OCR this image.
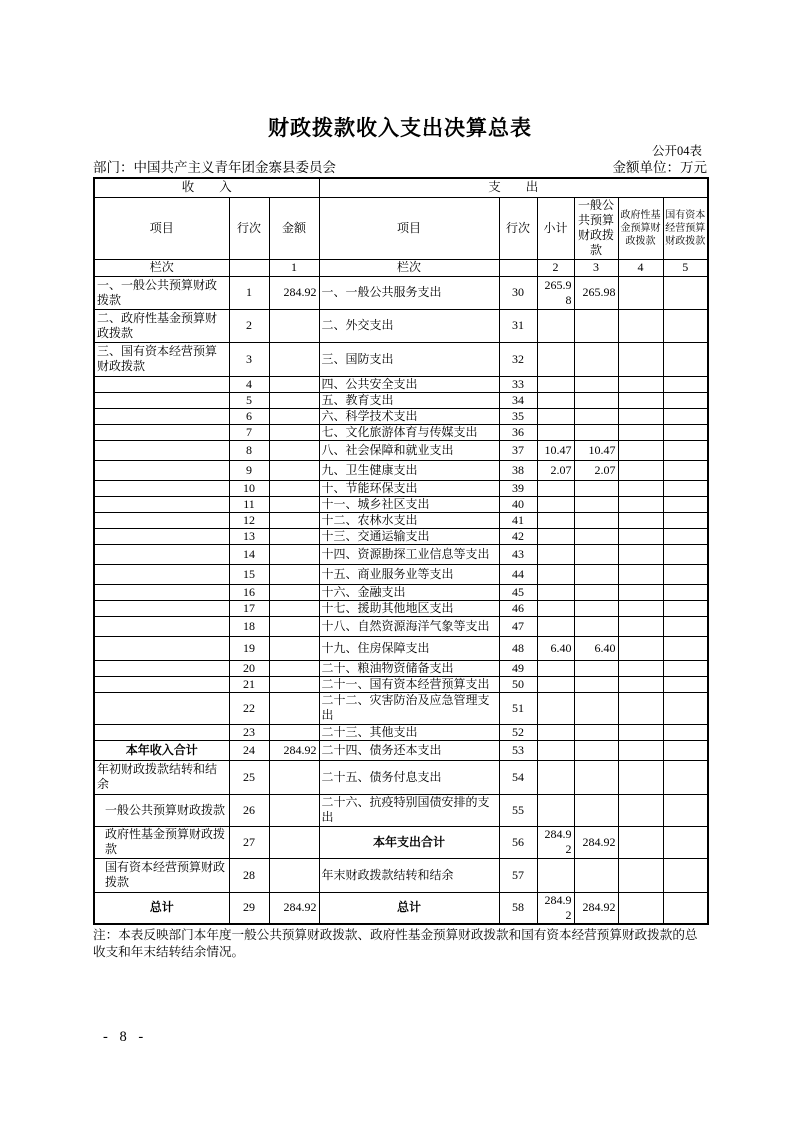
财政拨款收入支出决算总表
公开04表
部门：中国共产主义青年团金寨县委员会	金额单位：万元
收　　入			支　　出					
项目	行次	金额	项目	行次	小计	一般公共预算财政拨款	政府性基金预算财政拨款	国有资本经营预算财政拨款
栏次		1	栏次		2	3	4	5
一、一般公共预算财政拨款	1	284.92	一、一般公共服务支出	30	265.98	265.98		
二、政府性基金预算财政拨款	2		二、外交支出	31				
三、国有资本经营预算财政拨款	3		三、国防支出	32				
	4		四、公共安全支出	33				
	5		五、教育支出	34				
	6		六、科学技术支出	35				
	7		七、文化旅游体育与传媒支出	36				
	8		八、社会保障和就业支出	37	10.47	10.47		
	9		九、卫生健康支出	38	2.07	2.07		
	10		十、节能环保支出	39				
	11		十一、城乡社区支出	40				
	12		十二、农林水支出	41				
	13		十三、交通运输支出	42				
	14		十四、资源勘探工业信息等支出	43				
	15		十五、商业服务业等支出	44				
	16		十六、金融支出	45				
	17		十七、援助其他地区支出	46				
	18		十八、自然资源海洋气象等支出	47				
	19		十九、住房保障支出	48	6.40	6.40		
	20		二十、粮油物资储备支出	49				
	21		二十一、国有资本经营预算支出	50				
	22		二十二、灾害防治及应急管理支出	51				
	23		二十三、其他支出	52				
本年收入合计	24	284.92	二十四、债务还本支出	53				
年初财政拨款结转和结余	25		二十五、债务付息支出	54				
一般公共预算财政拨款	26		二十六、抗疫特别国债安排的支出	55				
政府性基金预算财政拨款	27		本年支出合计	56	284.92	284.92		
国有资本经营预算财政拨款	28		年末财政拨款结转和结余	57				
总计	29	284.92	总计	58	284.92	284.92		
注：本表反映部门本年度一般公共预算财政拨款、政府性基金预算财政拨款和国有资本经营预算财政拨款的总收支和年末结转结余情况。
- 8 -
